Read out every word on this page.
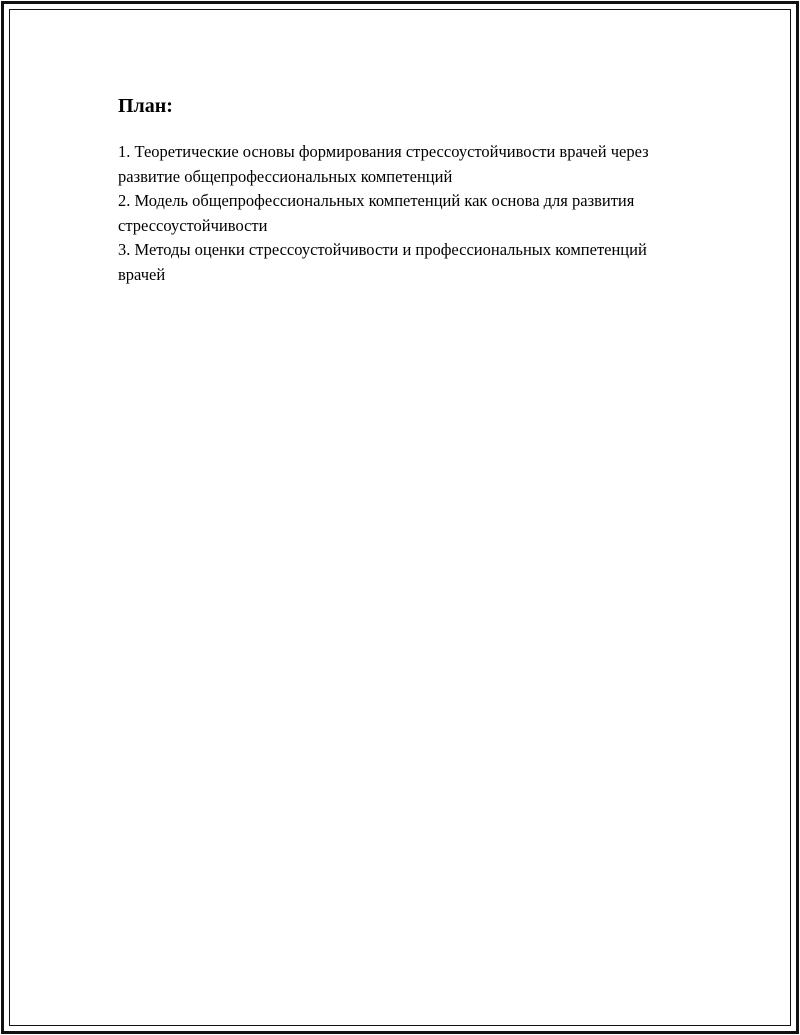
План:
1. Теоретические основы формирования стрессоустойчивости врачей через развитие общепрофессиональных компетенций
2. Модель общепрофессиональных компетенций как основа для развития стрессоустойчивости
3. Методы оценки стрессоустойчивости и профессиональных компетенций врачей
